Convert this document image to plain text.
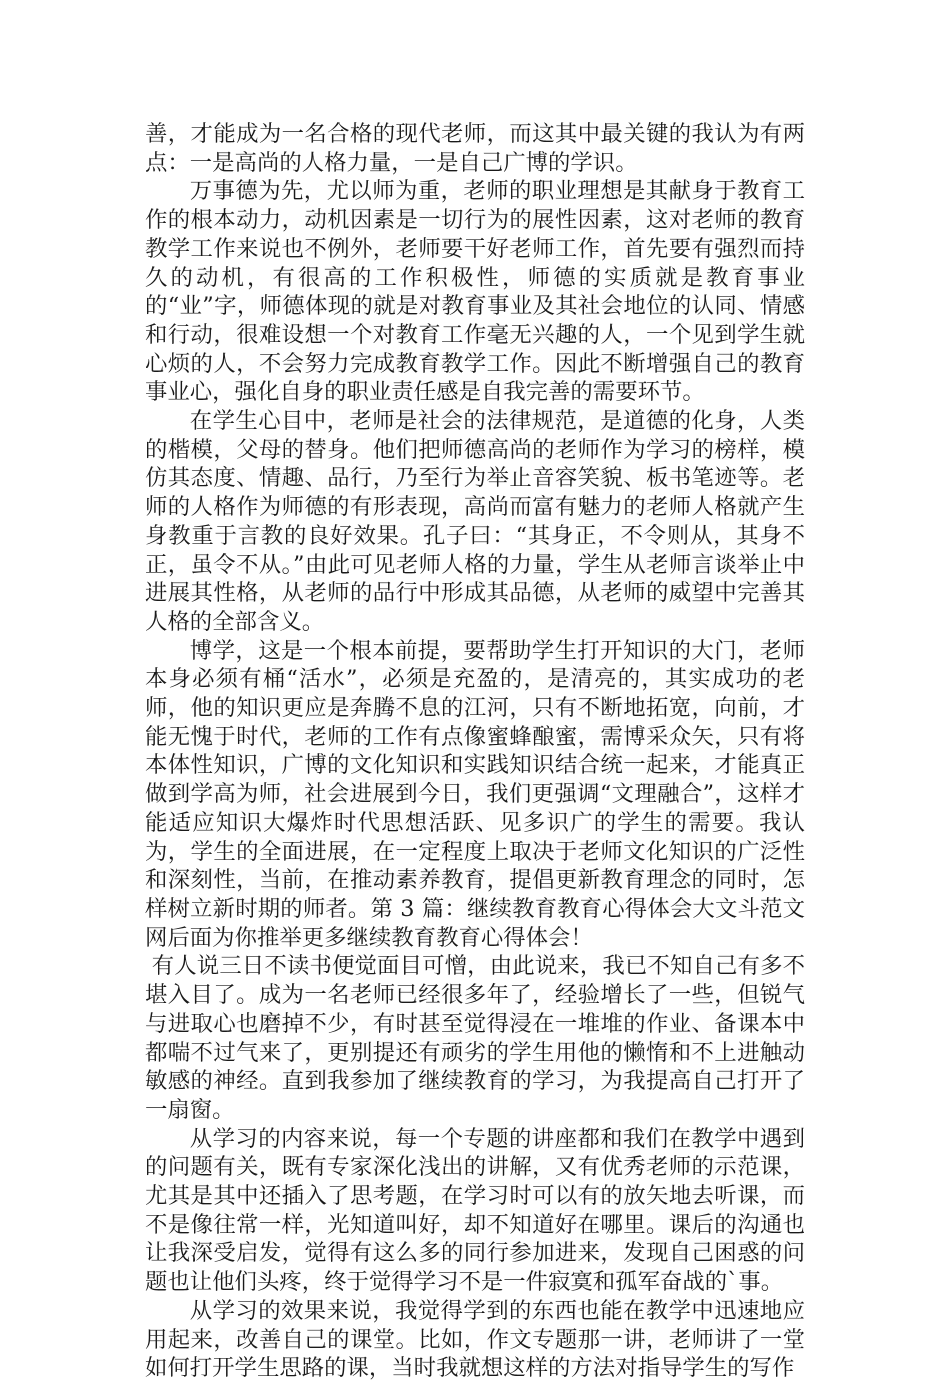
善，才能成为一名合格的现代老师，而这其中最关键的我认为有两点：一是高尚的人格力量，一是自己广博的学识。

万事德为先，尤以师为重，老师的职业理想是其献身于教育工作的根本动力，动机因素是一切行为的展性因素，这对老师的教育教学工作来说也不例外，老师要干好老师工作，首先要有强烈而持久的动机，有很高的工作积极性，师德的实质就是教育事业的“业”字，师德体现的就是对教育事业及其社会地位的认同、情感和行动，很难设想一个对教育工作毫无兴趣的人，一个见到学生就心烦的人，不会努力完成教育教学工作。因此不断增强自己的教育事业心，强化自身的职业责任感是自我完善的需要环节。

在学生心目中，老师是社会的法律规范，是道德的化身，人类的楷模，父母的替身。他们把师德高尚的老师作为学习的榜样，模仿其态度、情趣、品行，乃至行为举止音容笑貌、板书笔迹等。老师的人格作为师德的有形表现，高尚而富有魅力的老师人格就产生身教重于言教的良好效果。孔子曰：“其身正，不令则从，其身不正，虽令不从。”由此可见老师人格的力量，学生从老师言谈举止中进展其性格，从老师的品行中形成其品德，从老师的威望中完善其人格的全部含义。

博学，这是一个根本前提，要帮助学生打开知识的大门，老师本身必须有桶“活水”，必须是充盈的，是清亮的，其实成功的老师，他的知识更应是奔腾不息的江河，只有不断地拓宽，向前，才能无愧于时代，老师的工作有点像蜜蜂酿蜜，需博采众矢，只有将本体性知识，广博的文化知识和实践知识结合统一起来，才能真正做到学高为师，社会进展到今日，我们更强调“文理融合”，这样才能适应知识大爆炸时代思想活跃、见多识广的学生的需要。我认为，学生的全面进展，在一定程度上取决于老师文化知识的广泛性和深刻性，当前，在推动素养教育，提倡更新教育理念的同时，怎样树立新时期的师者。第 3 篇：继续教育教育心得体会大文斗范文网后面为你推举更多继续教育教育心得体会！

有人说三日不读书便觉面目可憎，由此说来，我已不知自己有多不堪入目了。成为一名老师已经很多年了，经验增长了一些，但锐气与进取心也磨掉不少，有时甚至觉得浸在一堆堆的作业、备课本中都喘不过气来了，更别提还有顽劣的学生用他的懒惰和不上进触动敏感的神经。直到我参加了继续教育的学习，为我提高自己打开了一扇窗。

从学习的内容来说，每一个专题的讲座都和我们在教学中遇到的问题有关，既有专家深化浅出的讲解，又有优秀老师的示范课，尤其是其中还插入了思考题，在学习时可以有的放矢地去听课，而不是像往常一样，光知道叫好，却不知道好在哪里。课后的沟通也让我深受启发，觉得有这么多的同行参加进来，发现自己困惑的问题也让他们头疼，终于觉得学习不是一件寂寞和孤军奋战的`事。

从学习的效果来说，我觉得学到的东西也能在教学中迅速地应用起来，改善自己的课堂。比如，作文专题那一讲，老师讲了一堂如何打开学生思路的课，当时我就想这样的方法对指导学生的写作
